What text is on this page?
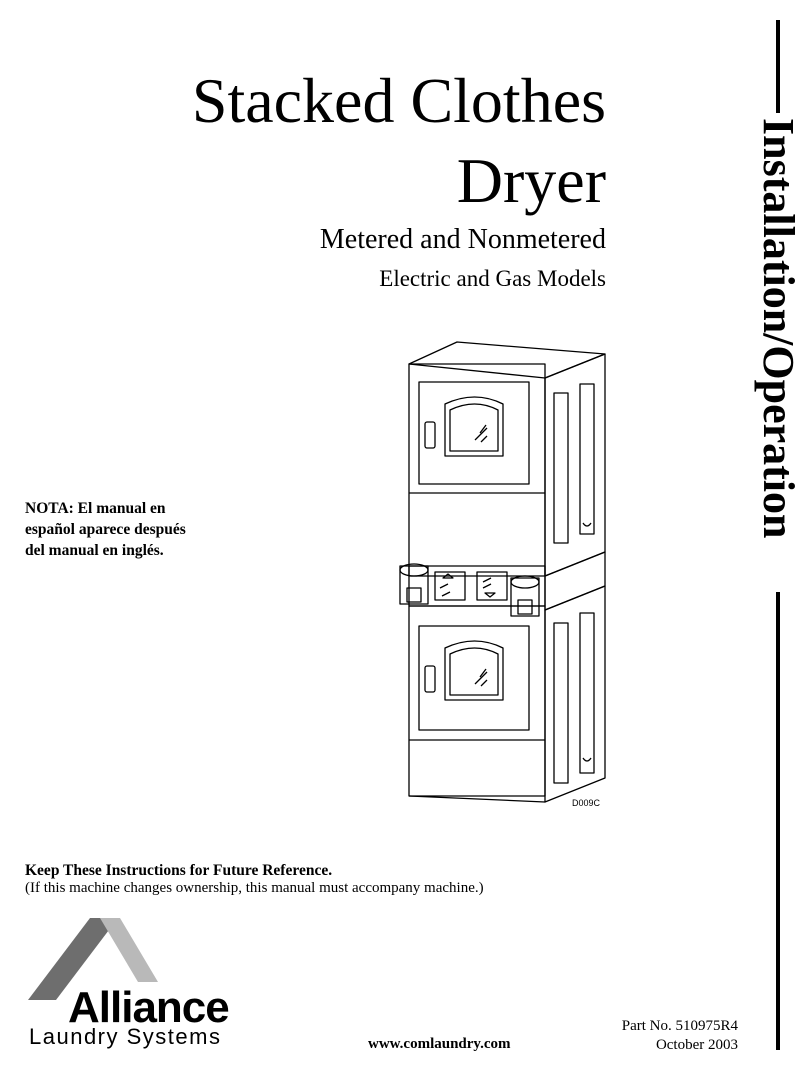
Stacked Clothes
Dryer
Metered and Nonmetered
Electric and Gas Models	Installation/Operation
NOTA: El manual en español aparece después del manual en inglés.
D009C
Keep These Instructions for Future Reference.
(If this machine changes ownership, this manual must accompany machine.)
Alliance
Laundry Systems	www.comlaundry.com
Part No. 510975R4
October 2003
